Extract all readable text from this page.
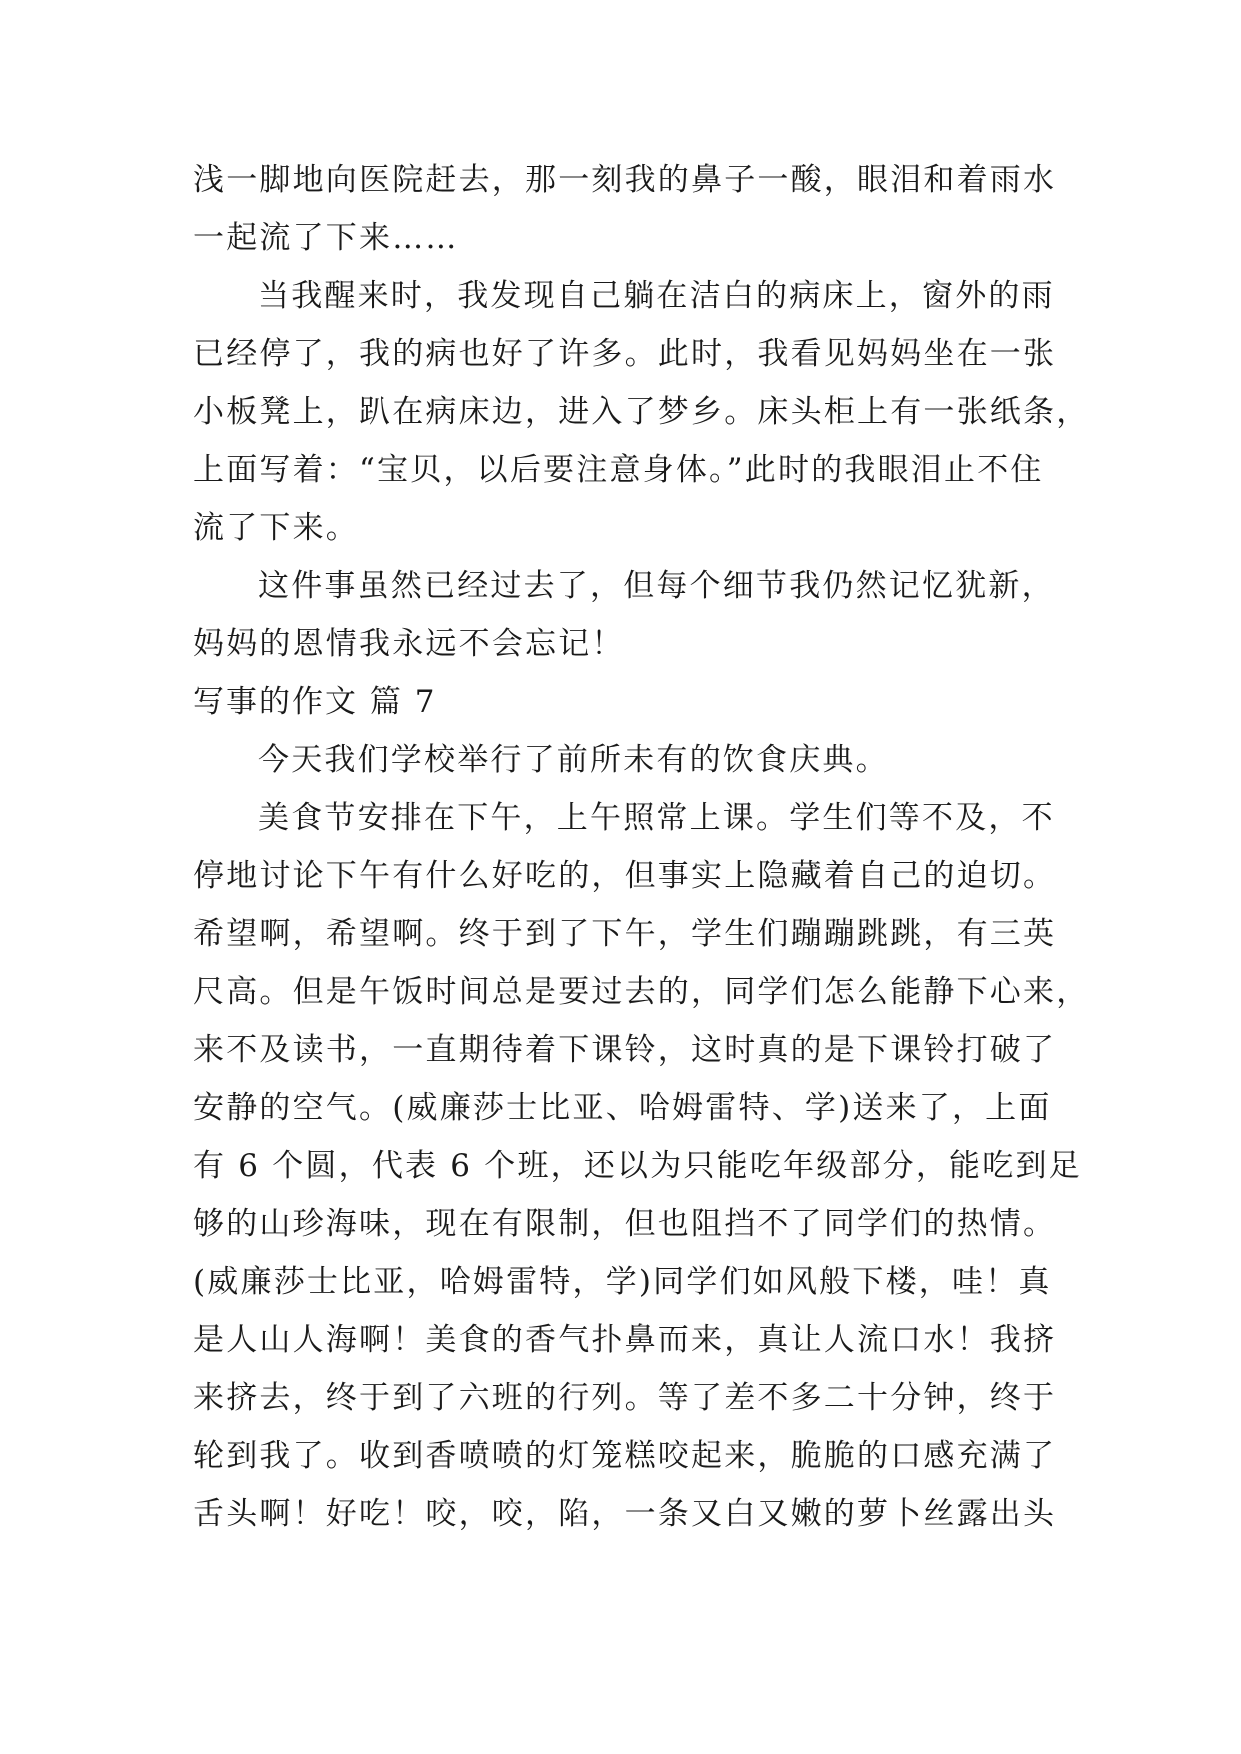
浅一脚地向医院赶去，那一刻我的鼻子一酸，眼泪和着雨水
一起流了下来……
当我醒来时，我发现自己躺在洁白的病床上，窗外的雨
已经停了，我的病也好了许多。此时，我看见妈妈坐在一张
小板凳上，趴在病床边，进入了梦乡。床头柜上有一张纸条，
上面写着：“宝贝，以后要注意身体。”此时的我眼泪止不住
流了下来。
这件事虽然已经过去了，但每个细节我仍然记忆犹新，
妈妈的恩情我永远不会忘记！
写事的作文 篇 7
今天我们学校举行了前所未有的饮食庆典。
美食节安排在下午，上午照常上课。学生们等不及，不
停地讨论下午有什么好吃的，但事实上隐藏着自己的迫切。
希望啊，希望啊。终于到了下午，学生们蹦蹦跳跳，有三英
尺高。但是午饭时间总是要过去的，同学们怎么能静下心来，
来不及读书，一直期待着下课铃，这时真的是下课铃打破了
安静的空气。(威廉莎士比亚、哈姆雷特、学)送来了，上面
有 6 个圆，代表 6 个班，还以为只能吃年级部分，能吃到足
够的山珍海味，现在有限制，但也阻挡不了同学们的热情。
(威廉莎士比亚，哈姆雷特，学)同学们如风般下楼，哇！真
是人山人海啊！美食的香气扑鼻而来，真让人流口水！我挤
来挤去，终于到了六班的行列。等了差不多二十分钟，终于
轮到我了。收到香喷喷的灯笼糕咬起来，脆脆的口感充满了
舌头啊！好吃！咬，咬，陷，一条又白又嫩的萝卜丝露出头
